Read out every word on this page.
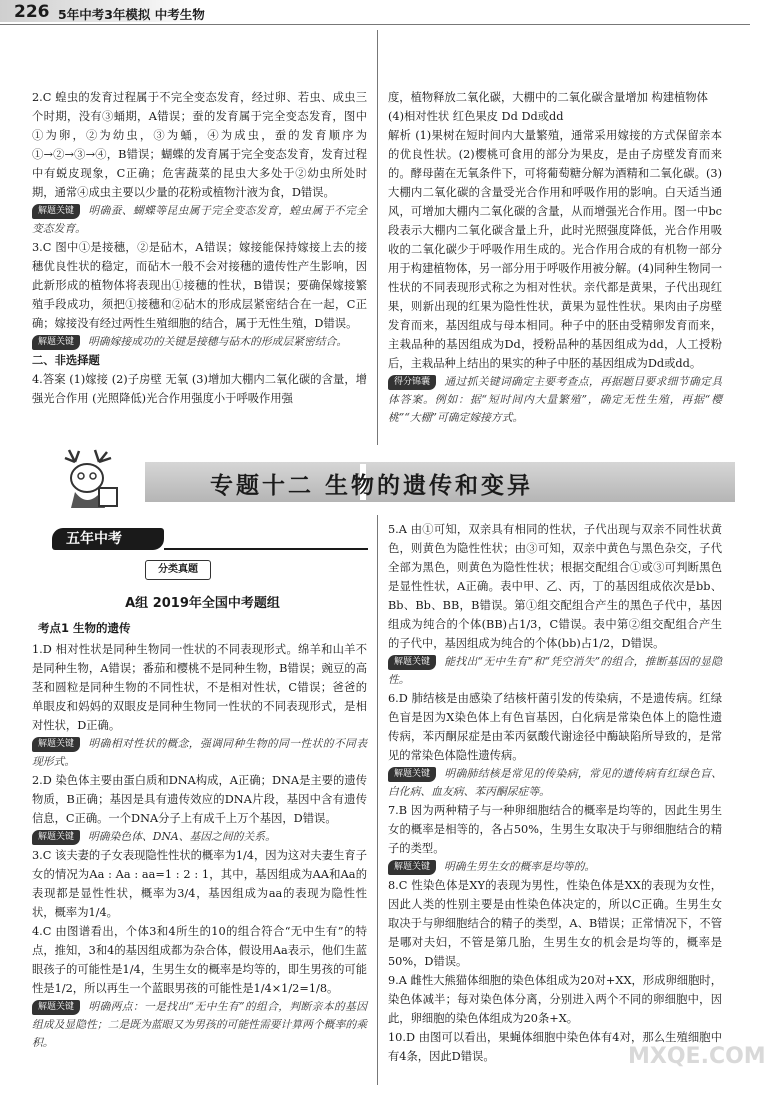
226 5年中考3年模拟 中考生物

2.C 蝗虫的发育过程属于不完全变态发育，经过卵、若虫、成虫三个时期，没有③蛹期，A错误；蚕的发育属于完全变态发育，图中①为卵，②为幼虫，③为蛹，④为成虫，蚕的发育顺序为①→②→③→④，B错误；蝴蝶的发育属于完全变态发育，发育过程中有蜕皮现象，C正确；危害蔬菜的昆虫大多处于②幼虫所处时期，通常④成虫主要以少量的花粉或植物汁液为食，D错误。

解题关键 明确蚕、蝴蝶等昆虫属于完全变态发育，蝗虫属于不完全变态发育。

3.C 图中①是接穗，②是砧木，A错误；嫁接能保持嫁接上去的接穗优良性状的稳定，而砧木一般不会对接穗的遗传性产生影响，因此新形成的植物体将表现出①接穗的性状，B错误；要确保嫁接繁殖手段成功，须把①接穗和②砧木的形成层紧密结合在一起，C正确；嫁接没有经过两性生殖细胞的结合，属于无性生殖，D错误。

解题关键 明确嫁接成功的关键是接穗与砧木的形成层紧密结合。

二、非选择题

4.答案 (1)嫁接 (2)子房壁 无氧 (3)增加大棚内二氧化碳的含量，增强光合作用 (光照降低)光合作用强度小于呼吸作用强

度，植物释放二氧化碳，大棚中的二氧化碳含量增加 构建植物体

(4)相对性状 红色果皮 Dd Dd或dd

解析 (1)果树在短时间内大量繁殖，通常采用嫁接的方式保留亲本的优良性状。(2)樱桃可食用的部分为果皮，是由子房壁发育而来的。酵母菌在无氧条件下，可将葡萄糖分解为酒精和二氧化碳。(3)大棚内二氧化碳的含量受光合作用和呼吸作用的影响。白天适当通风，可增加大棚内二氧化碳的含量，从而增强光合作用。图一中bc段表示大棚内二氧化碳含量上升，此时光照强度降低，光合作用吸收的二氧化碳少于呼吸作用生成的。光合作用合成的有机物一部分用于构建植物体，另一部分用于呼吸作用被分解。(4)同种生物同一性状的不同表现形式称之为相对性状。亲代都是黄果，子代出现红果，则新出现的红果为隐性性状，黄果为显性性状。果肉由子房壁发育而来，基因组成与母本相同。种子中的胚由受精卵发育而来，主栽品种的基因组成为Dd，授粉品种的基因组成为dd，人工授粉后，主栽品种上结出的果实的种子中胚的基因组成为Dd或dd。

得分锦囊 通过抓关键词确定主要考查点，再据题目要求细节确定具体答案。例如：据“短时间内大量繁殖”，确定无性生殖，再据“樱桃”“大棚”可确定嫁接方式。

专题十二 生物的遗传和变异
五年中考
分类真题
A组 2019年全国中考题组
考点1 生物的遗传

1.D 相对性状是同种生物同一性状的不同表现形式。绵羊和山羊不是同种生物，A错误；番茄和樱桃不是同种生物，B错误；豌豆的高茎和圆粒是同种生物的不同性状，不是相对性状，C错误；爸爸的单眼皮和妈妈的双眼皮是同种生物同一性状的不同表现形式，是相对性状，D正确。

解题关键 明确相对性状的概念，强调同种生物的同一性状的不同表现形式。

2.D 染色体主要由蛋白质和DNA构成，A正确；DNA是主要的遗传物质，B正确；基因是具有遗传效应的DNA片段，基因中含有遗传信息，C正确。一个DNA分子上有成千上万个基因，D错误。

解题关键 明确染色体、DNA、基因之间的关系。

3.C 该夫妻的子女表现隐性性状的概率为1/4，因为这对夫妻生育子女的情况为Aa : Aa : aa=1 : 2 : 1，其中，基因组成为AA和Aa的表现都是显性性状，概率为3/4，基因组成为aa的表现为隐性性状，概率为1/4。

4.C 由图谱看出，个体3和4所生的10的组合符合“无中生有”的特点，推知，3和4的基因组成都为杂合体，假设用Aa表示，他们生蓝眼孩子的可能性是1/4，生男生女的概率是均等的，即生男孩的可能性是1/2，所以再生一个蓝眼男孩的可能性是1/4×1/2=1/8。

解题关键 明确两点：一是找出“无中生有”的组合，判断亲本的基因组成及显隐性；二是既为蓝眼又为男孩的可能性需要计算两个概率的乘积。

5.A 由①可知，双亲具有相同的性状，子代出现与双亲不同性状黄色，则黄色为隐性性状；由③可知，双亲中黄色与黑色杂交，子代全部为黑色，则黄色为隐性性状；根据交配组合①或③可判断黑色是显性性状，A正确。表中甲、乙、丙，丁的基因组成依次是bb、Bb、Bb、BB，B错误。第①组交配组合产生的黑色子代中，基因组成为纯合的个体(BB)占1/3，C错误。表中第②组交配组合产生的子代中，基因组成为纯合的个体(bb)占1/2，D错误。

解题关键 能找出“无中生有”和“凭空消失”的组合，推断基因的显隐性。

6.D 肺结核是由感染了结核杆菌引发的传染病，不是遗传病。红绿色盲是因为X染色体上有色盲基因，白化病是常染色体上的隐性遗传病，苯丙酮尿症是由苯丙氨酸代谢途径中酶缺陷所导致的，是常见的常染色体隐性遗传病。

解题关键 明确肺结核是常见的传染病，常见的遗传病有红绿色盲、白化病、血友病、苯丙酮尿症等。

7.B 因为两种精子与一种卵细胞结合的概率是均等的，因此生男生女的概率是相等的，各占50%，生男生女取决于与卵细胞结合的精子的类型。

解题关键 明确生男生女的概率是均等的。

8.C 性染色体是XY的表现为男性，性染色体是XX的表现为女性，因此人类的性别主要是由性染色体决定的，所以C正确。生男生女取决于与卵细胞结合的精子的类型，A、B错误；正常情况下，不管是哪对夫妇，不管是第几胎，生男生女的机会是均等的，概率是50%，D错误。

9.A 雌性大熊猫体细胞的染色体组成为20对+XX，形成卵细胞时，染色体减半；每对染色体分离，分别进入两个不同的卵细胞中，因此，卵细胞的染色体组成为20条+X。

10.D 由图可以看出，果蝇体细胞中染色体有4对，那么生殖细胞中有4条，因此D错误。	MXQE.COM
